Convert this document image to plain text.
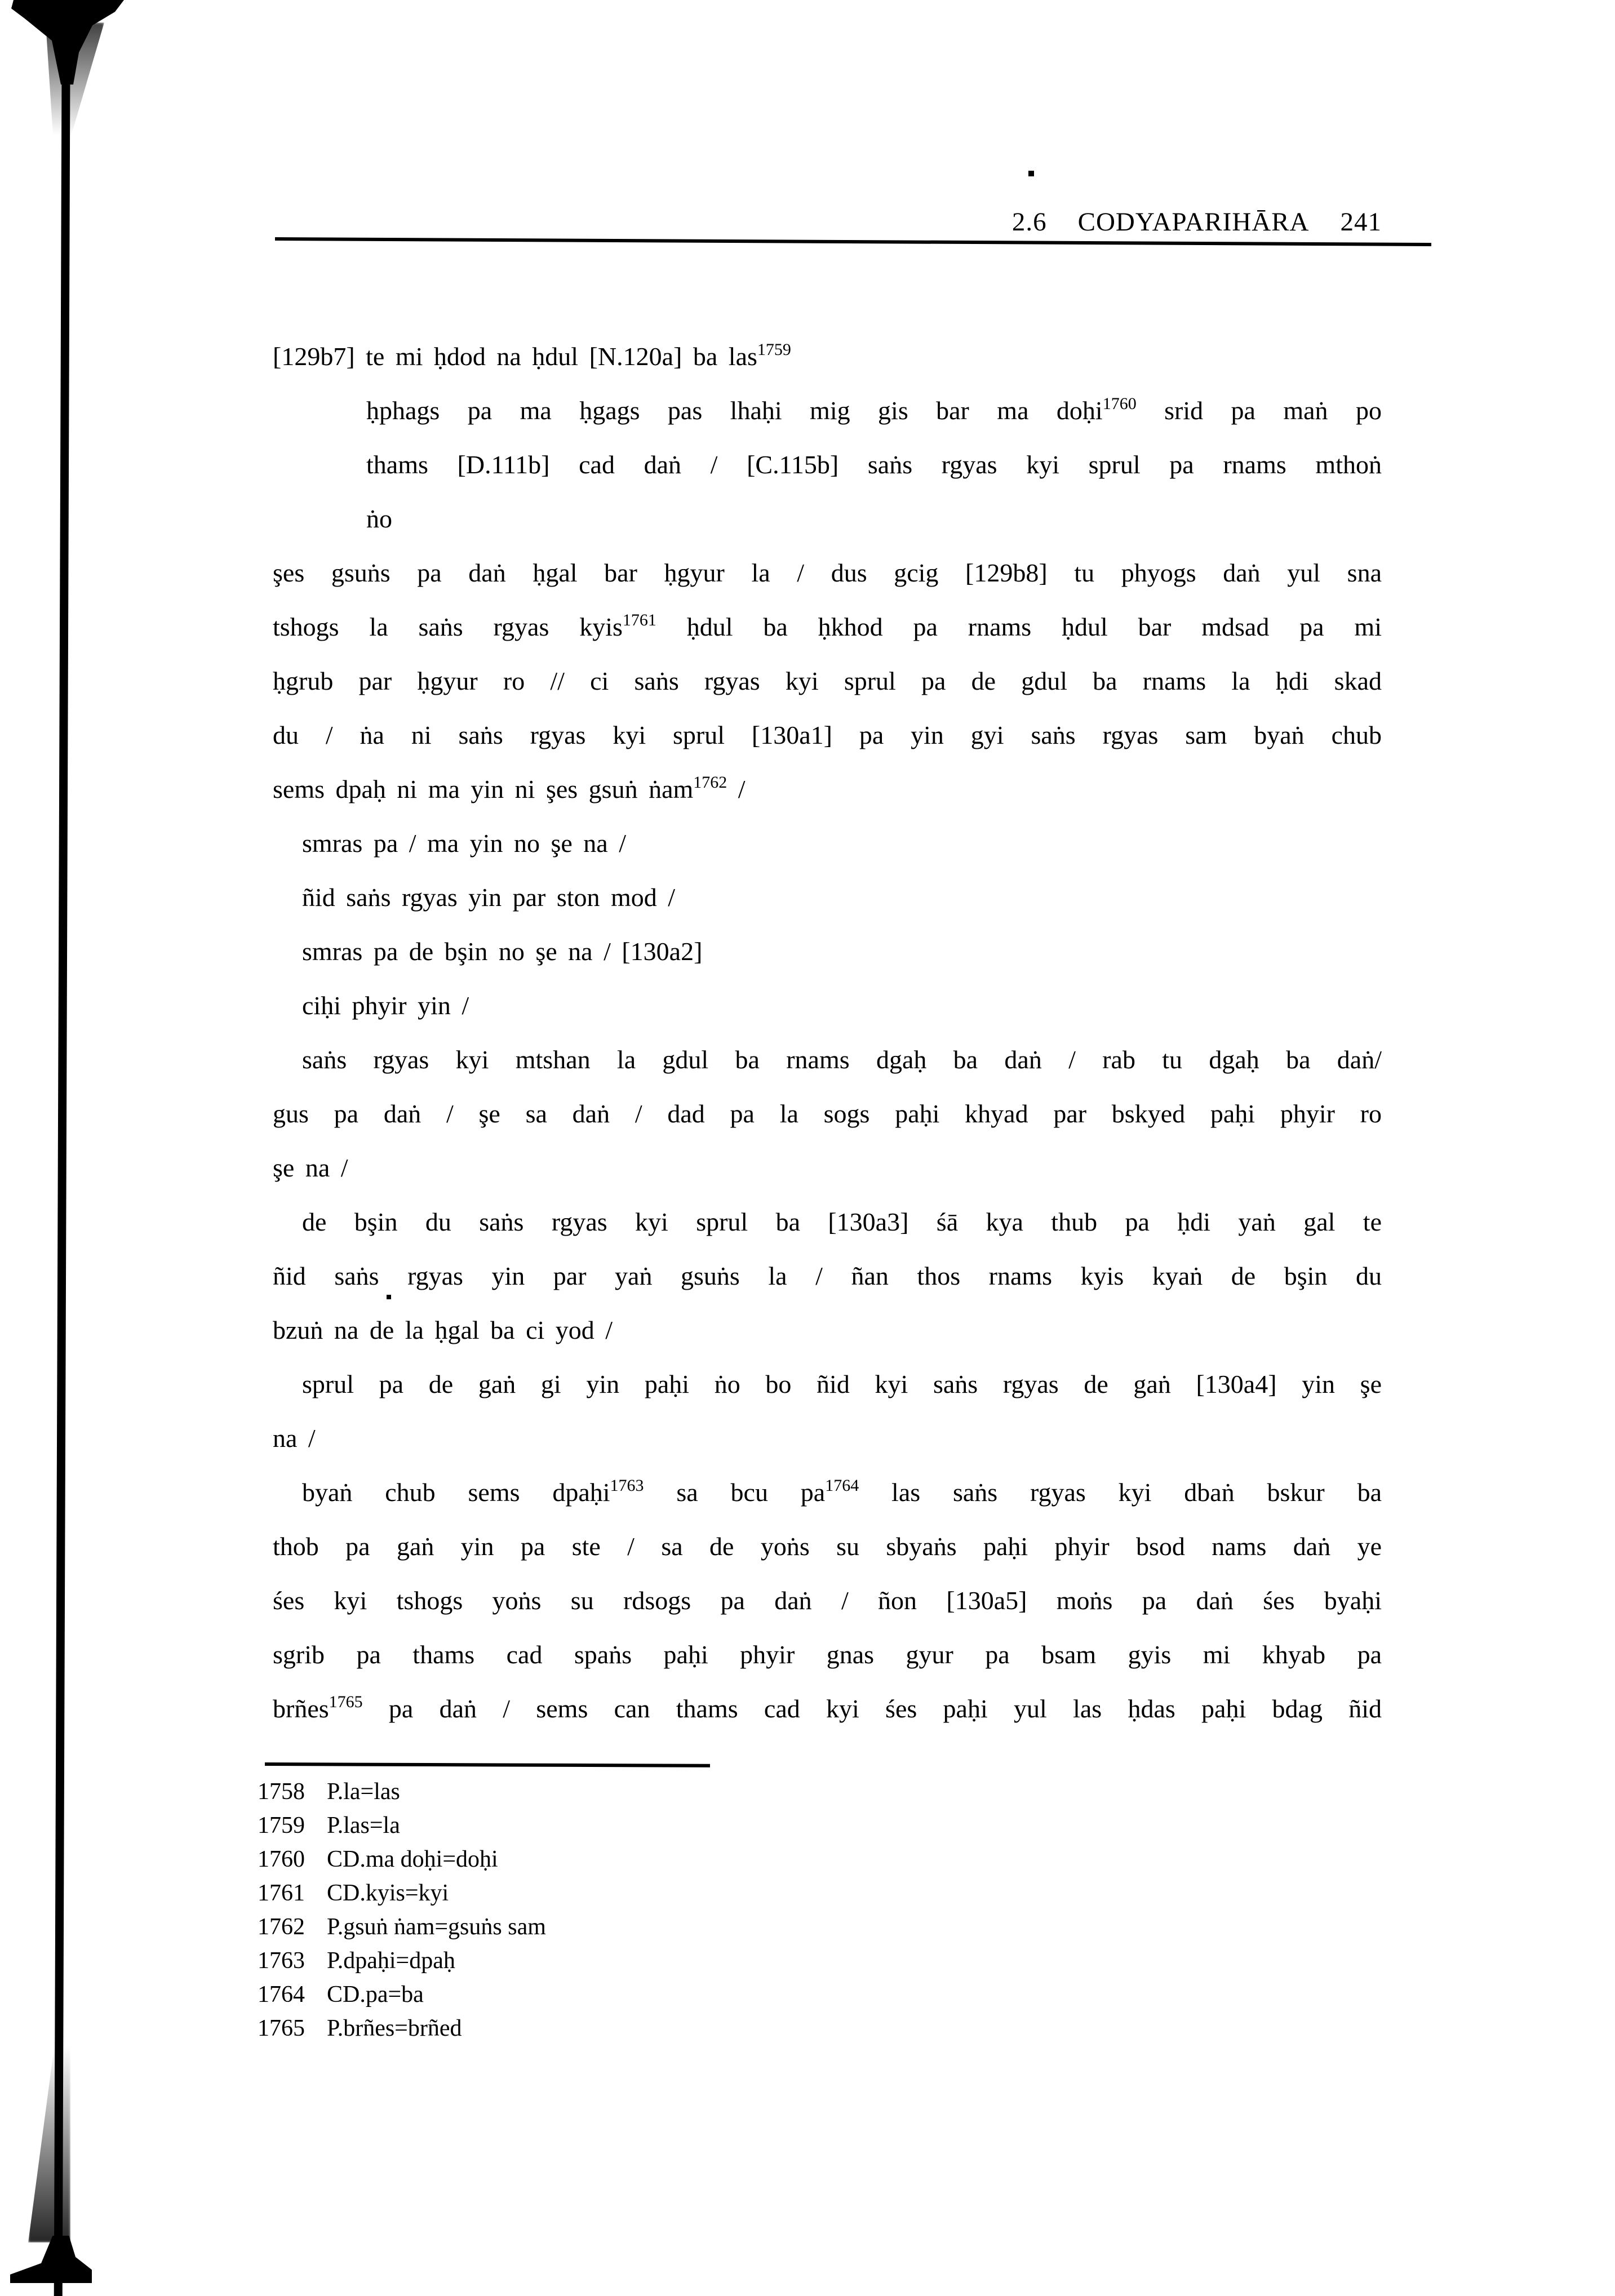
2.6 CODYAPARIHĀRA 241
[129b7] te mi ḥdod na ḥdul [N.120a] ba las$^{1759}$
ḥphags pa ma ḥgags pas lhaḥi mig gis bar ma doḥi$^{1760}$ srid pa maṅ po
thams [D.111b] cad daṅ / [C.115b] saṅs rgyas kyi sprul pa rnams mthoṅ
ṅo
şes gsuṅs pa daṅ ḥgal bar ḥgyur la / dus gcig [129b8] tu phyogs daṅ yul sna
tshogs la saṅs rgyas kyis$^{1761}$ ḥdul ba ḥkhod pa rnams ḥdul bar mdsad pa mi
ḥgrub par ḥgyur ro // ci saṅs rgyas kyi sprul pa de gdul ba rnams la ḥdi skad
du / ṅa ni saṅs rgyas kyi sprul [130a1] pa yin gyi saṅs rgyas sam byaṅ chub
sems dpaḥ ni ma yin ni şes gsuṅ ṅam$^{1762}$ /
smras pa / ma yin no şe na /
ñid saṅs rgyas yin par ston mod /
smras pa de bşin no şe na / [130a2]
ciḥi phyir yin /
saṅs rgyas kyi mtshan la gdul ba rnams dgaḥ ba daṅ / rab tu dgaḥ ba daṅ/
gus pa daṅ / şe sa daṅ / dad pa la sogs paḥi khyad par bskyed paḥi phyir ro
şe na /
de bşin du saṅs rgyas kyi sprul ba [130a3] śā kya thub pa ḥdi yaṅ gal te
ñid saṅs rgyas yin par yaṅ gsuṅs la / ñan thos rnams kyis kyaṅ de bşin du
bzuṅ na de la ḥgal ba ci yod /
sprul pa de gaṅ gi yin paḥi ṅo bo ñid kyi saṅs rgyas de gaṅ [130a4] yin şe
na /
byaṅ chub sems dpaḥi$^{1763}$ sa bcu $pa^{1764}$ las saṅs rgyas kyi dbaṅ bskur ba
thob pa gaṅ yin pa ste / sa de yoṅs su sbyaṅs paḥi phyir bsod nams daṅ ye
śes kyi tshogs yoṅs su rdsogs pa daṅ / ñon [130a5] moṅs pa daṅ śes byaḥi
sgrib pa thams cad spaṅs paḥi phyir gnas gyur pa bsam gyis mi khyab pa
brñes$^{1765}$ pa daṅ / sems can thams cad kyi śes paḥi yul las ḥdas paḥi bdag ñid
1758 P.la=las
1759 P.las=la
1760 CD.ma doḥi=doḥi
1761 CD.kyis=kyi
1762 P.gsuṅ ṅam=gsuṅs sam
1763 P.dpaḥi=dpaḥ
1764 CD.pa=ba
1765 P.brñes=brñed
